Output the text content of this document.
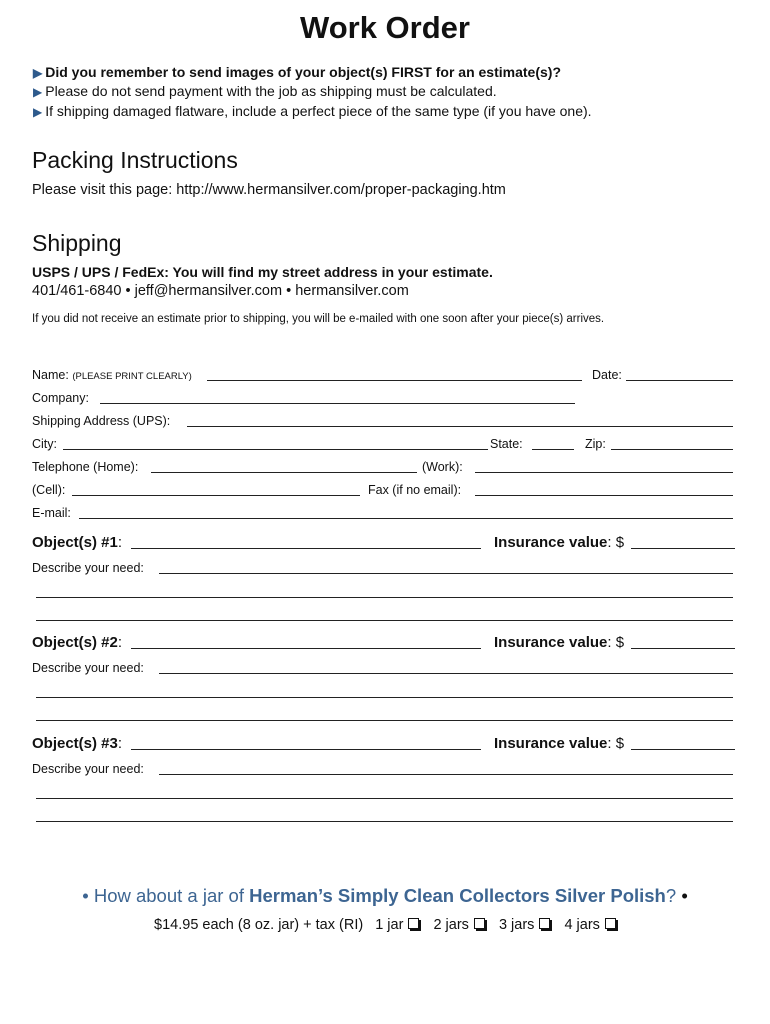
Work Order
▶ Did you remember to send images of your object(s) FIRST for an estimate(s)?
▶ Please do not send payment with the job as shipping must be calculated.
▶ If shipping damaged flatware, include a perfect piece of the same type (if you have one).
Packing Instructions
Please visit this page: http://www.hermansilver.com/proper-packaging.htm
Shipping
USPS / UPS / FedEx: You will find my street address in your estimate.
401/461-6840 • jeff@hermansilver.com • hermansilver.com
If you did not receive an estimate prior to shipping, you will be e-mailed with one soon after your piece(s) arrives.
Name: (PLEASE PRINT CLEARLY)	Date:
Company:
Shipping Address (UPS):
City:	State:	Zip:
Telephone (Home):	(Work):
(Cell):	Fax (if no email):
E-mail:
Object(s) #1:	Insurance value: $
Describe your need:
Object(s) #2:	Insurance value: $
Describe your need:
Object(s) #3:	Insurance value: $
Describe your need:
• How about a jar of Herman’s Simply Clean Collectors Silver Polish? •
$14.95 each (8 oz. jar) + tax (RI) 1 jar 2 jars 3 jars 4 jars
